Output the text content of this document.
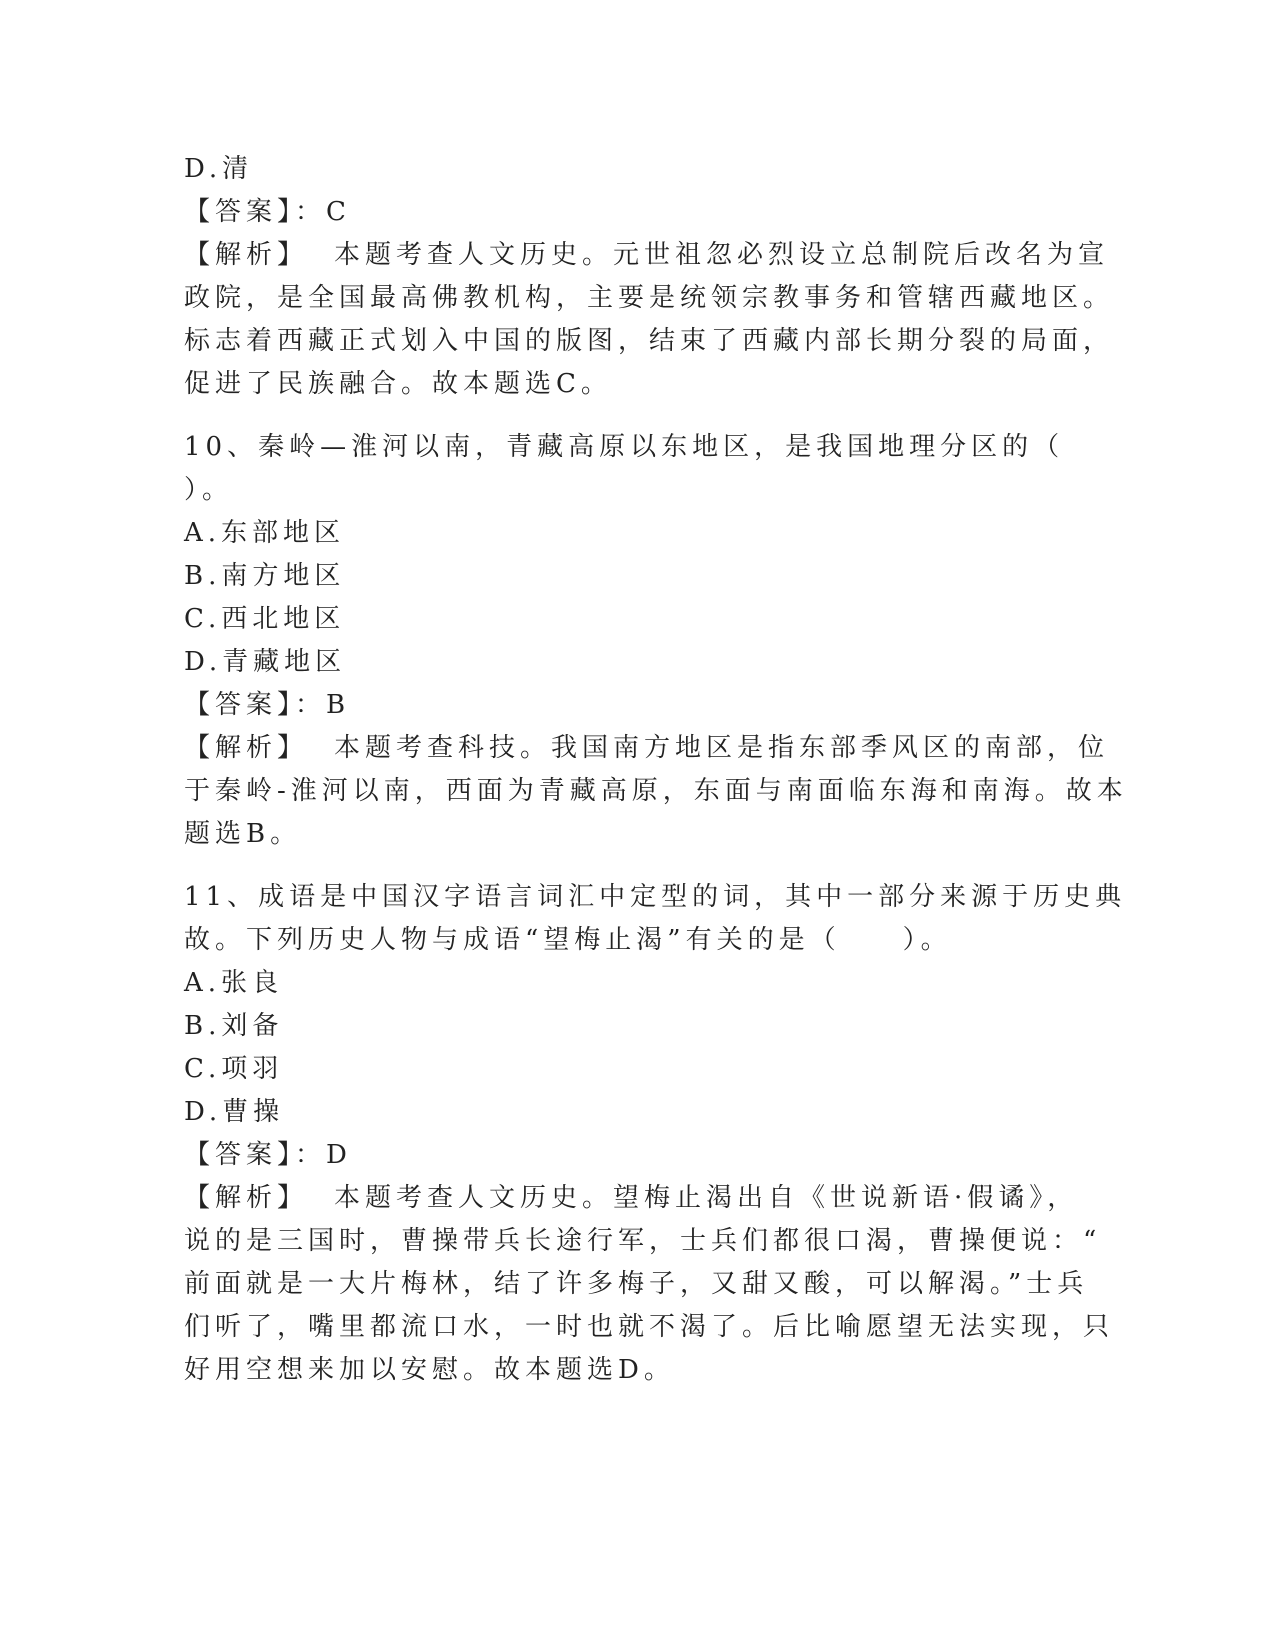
D.清
【答案】：C
【解析】 本题考查人文历史。元世祖忽必烈设立总制院后改名为宣
政院，是全国最高佛教机构，主要是统领宗教事务和管辖西藏地区。
标志着西藏正式划入中国的版图，结束了西藏内部长期分裂的局面，
促进了民族融合。故本题选C。
10、秦岭—淮河以南，青藏高原以东地区，是我国地理分区的（
）。
A.东部地区
B.南方地区
C.西北地区
D.青藏地区
【答案】：B
【解析】 本题考查科技。我国南方地区是指东部季风区的南部，位
于秦岭-淮河以南，西面为青藏高原，东面与南面临东海和南海。故本
题选B。
11、成语是中国汉字语言词汇中定型的词，其中一部分来源于历史典
故。下列历史人物与成语“望梅止渴”有关的是（　　）。
A.张良
B.刘备
C.项羽
D.曹操
【答案】：D
【解析】 本题考查人文历史。望梅止渴出自《世说新语·假谲》，
说的是三国时，曹操带兵长途行军，士兵们都很口渴，曹操便说：“
前面就是一大片梅林，结了许多梅子，又甜又酸，可以解渴。”士兵
们听了，嘴里都流口水，一时也就不渴了。后比喻愿望无法实现，只
好用空想来加以安慰。故本题选D。
